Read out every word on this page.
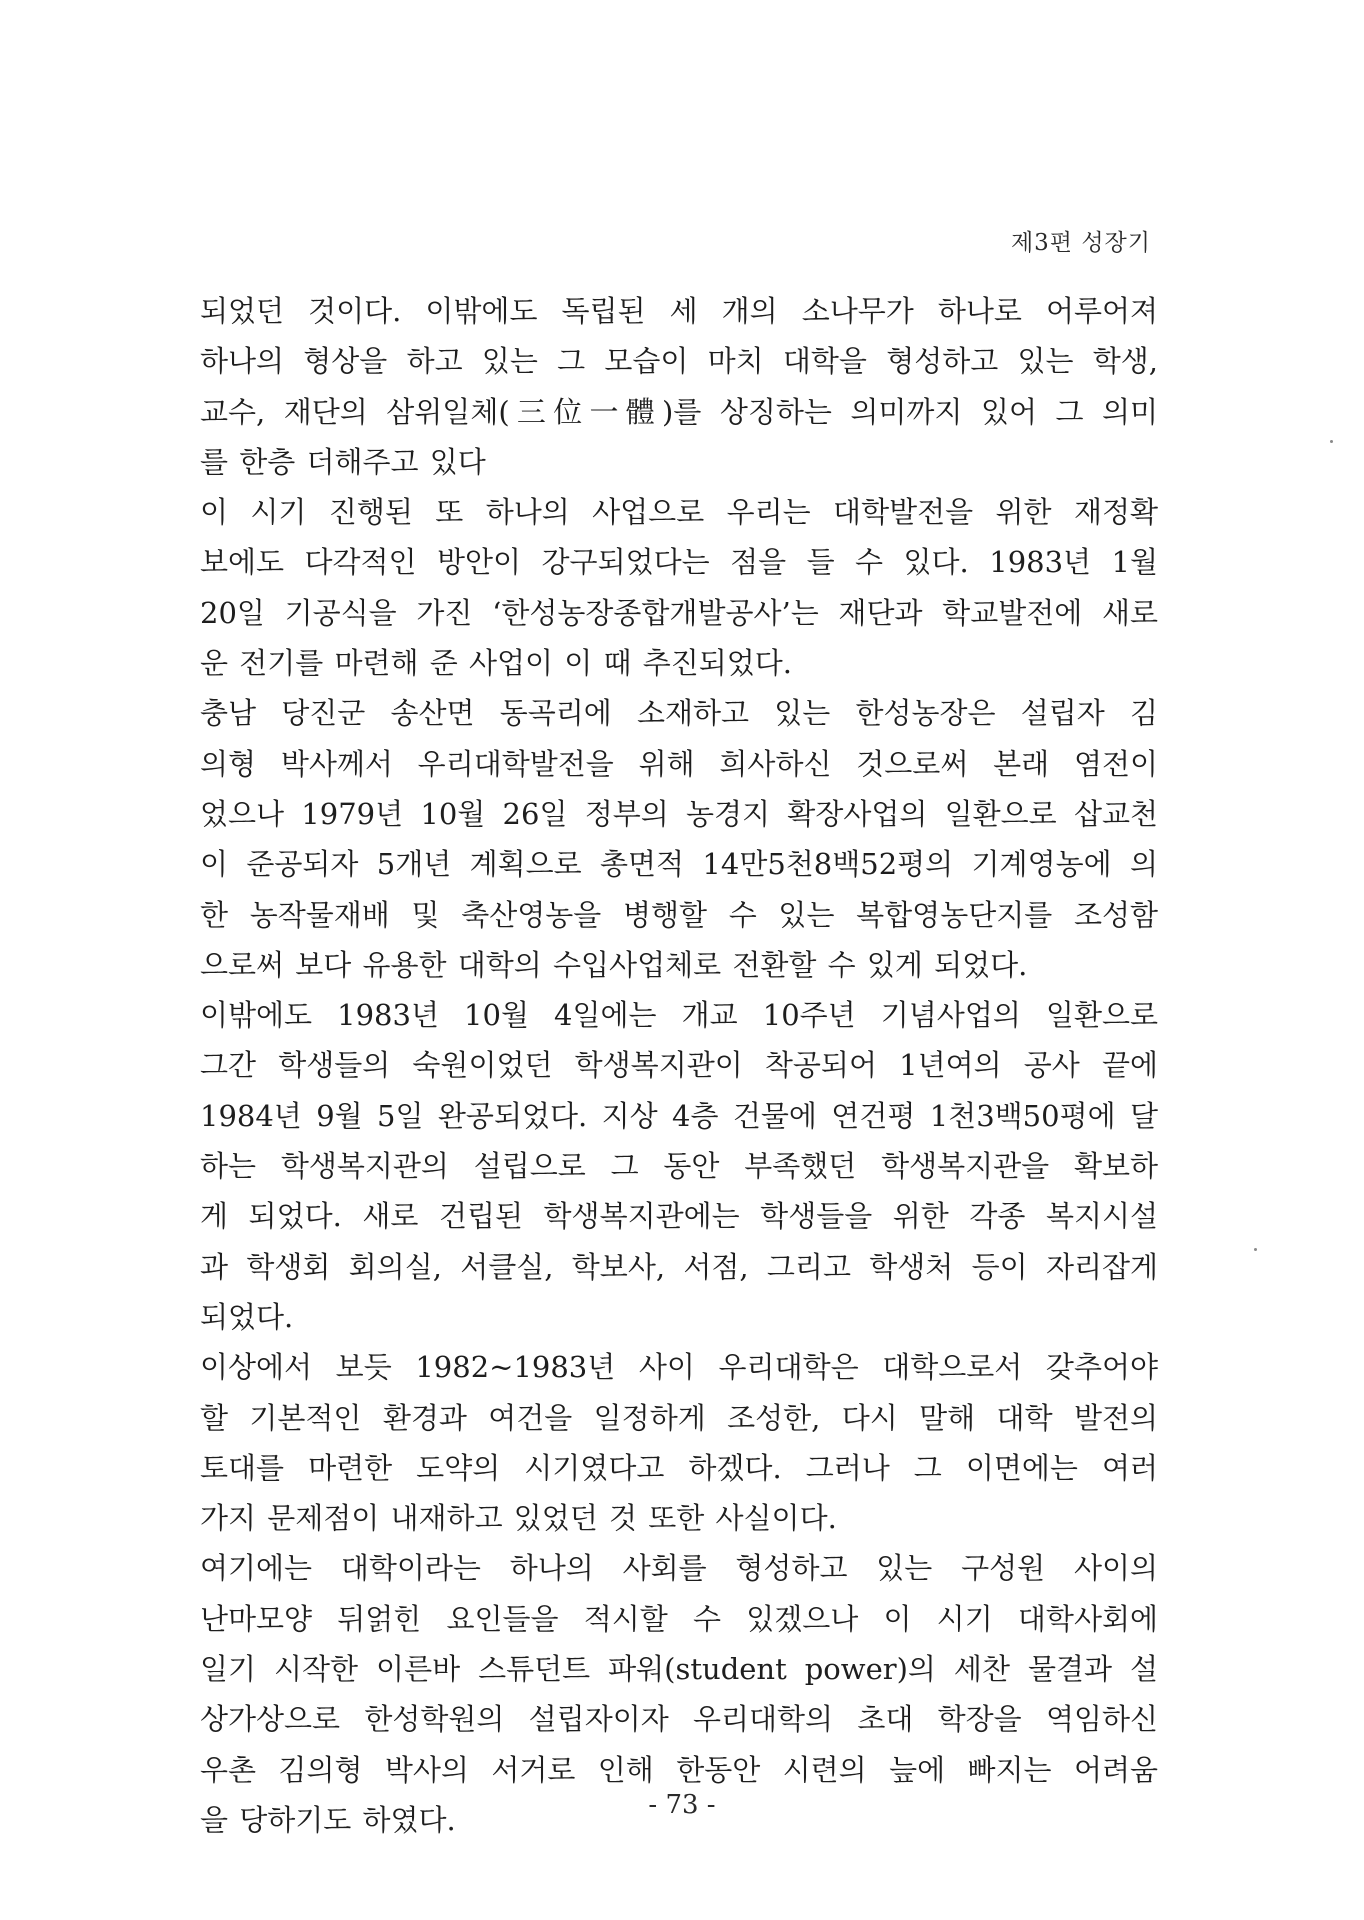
제3편 성장기
되었던 것이다. 이밖에도 독립된 세 개의 소나무가 하나로 어루어져
하나의 형상을 하고 있는 그 모습이 마치 대학을 형성하고 있는 학생,
교수, 재단의 삼위일체(三位一體)를 상징하는 의미까지 있어 그 의미
를 한층 더해주고 있다
이 시기 진행된 또 하나의 사업으로 우리는 대학발전을 위한 재정확
보에도 다각적인 방안이 강구되었다는 점을 들 수 있다. 1983년 1월
20일 기공식을 가진 ‘한성농장종합개발공사’는 재단과 학교발전에 새로
운 전기를 마련해 준 사업이 이 때 추진되었다.
충남 당진군 송산면 동곡리에 소재하고 있는 한성농장은 설립자 김
의형 박사께서 우리대학발전을 위해 희사하신 것으로써 본래 염전이
었으나 1979년 10월 26일 정부의 농경지 확장사업의 일환으로 삽교천
이 준공되자 5개년 계획으로 총면적 14만5천8백52평의 기계영농에 의
한 농작물재배 및 축산영농을 병행할 수 있는 복합영농단지를 조성함
으로써 보다 유용한 대학의 수입사업체로 전환할 수 있게 되었다.
이밖에도 1983년 10월 4일에는 개교 10주년 기념사업의 일환으로
그간 학생들의 숙원이었던 학생복지관이 착공되어 1년여의 공사 끝에
1984년 9월 5일 완공되었다. 지상 4층 건물에 연건평 1천3백50평에 달
하는 학생복지관의 설립으로 그 동안 부족했던 학생복지관을 확보하
게 되었다. 새로 건립된 학생복지관에는 학생들을 위한 각종 복지시설
과 학생회 회의실, 서클실, 학보사, 서점, 그리고 학생처 등이 자리잡게
되었다.
이상에서 보듯 1982~1983년 사이 우리대학은 대학으로서 갖추어야
할 기본적인 환경과 여건을 일정하게 조성한, 다시 말해 대학 발전의
토대를 마련한 도약의 시기였다고 하겠다. 그러나 그 이면에는 여러
가지 문제점이 내재하고 있었던 것 또한 사실이다.
여기에는 대학이라는 하나의 사회를 형성하고 있는 구성원 사이의
난마모양 뒤얽힌 요인들을 적시할 수 있겠으나 이 시기 대학사회에
일기 시작한 이른바 스튜던트 파워(student power)의 세찬 물결과 설
상가상으로 한성학원의 설립자이자 우리대학의 초대 학장을 역임하신
우촌 김의형 박사의 서거로 인해 한동안 시련의 늪에 빠지는 어려움
을 당하기도 하였다.	- 73 -
